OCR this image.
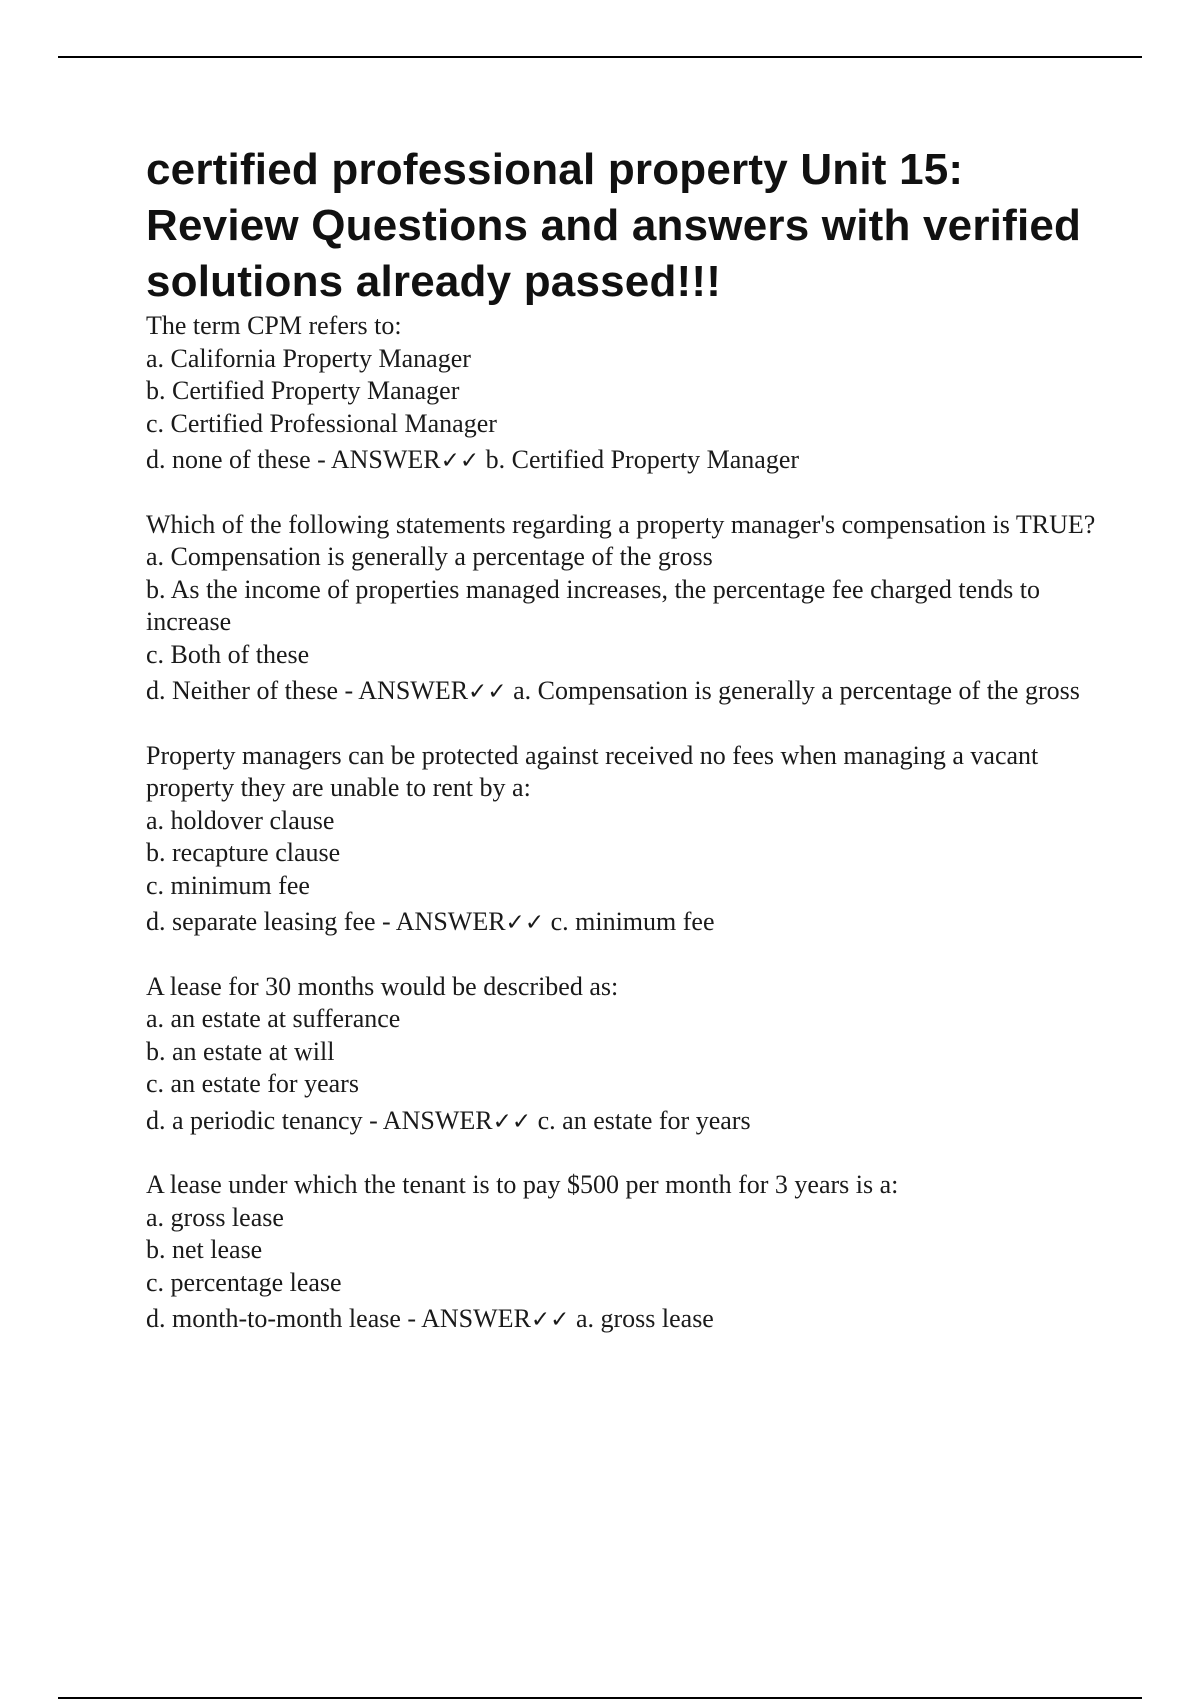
certified professional property Unit 15: Review Questions and answers with verified solutions already passed!!!

The term CPM refers to:

a. California Property Manager

b. Certified Property Manager

c. Certified Professional Manager

d. none of these - ANSWER✓✓ b. Certified Property Manager

Which of the following statements regarding a property manager's compensation is TRUE?

a. Compensation is generally a percentage of the gross

b. As the income of properties managed increases, the percentage fee charged tends to increase

c. Both of these

d. Neither of these - ANSWER✓✓ a. Compensation is generally a percentage of the gross

Property managers can be protected against received no fees when managing a vacant property they are unable to rent by a:

a. holdover clause

b. recapture clause

c. minimum fee

d. separate leasing fee - ANSWER✓✓ c. minimum fee

A lease for 30 months would be described as:

a. an estate at sufferance

b. an estate at will

c. an estate for years

d. a periodic tenancy - ANSWER✓✓ c. an estate for years

A lease under which the tenant is to pay $500 per month for 3 years is a:

a. gross lease

b. net lease

c. percentage lease

d. month-to-month lease - ANSWER✓✓ a. gross lease
